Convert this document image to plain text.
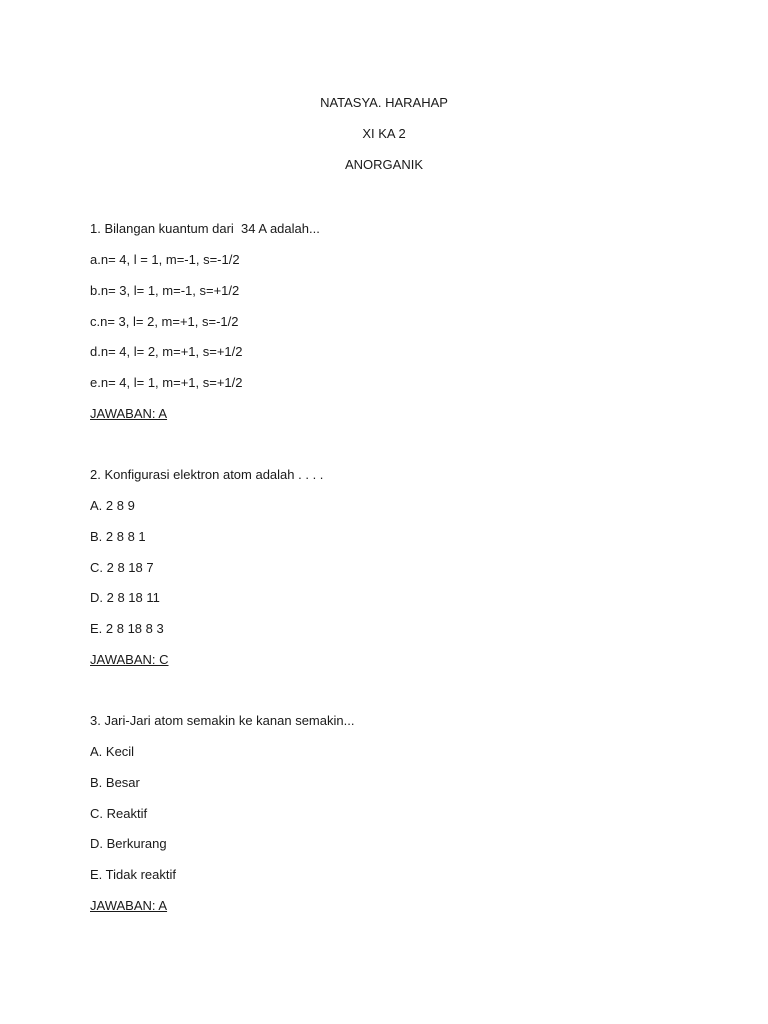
NATASYA. HARAHAP
XI KA 2
ANORGANIK
1. Bilangan kuantum dari  34 A adalah...
a.n= 4, l = 1, m=-1, s=-1/2
b.n= 3, l= 1, m=-1, s=+1/2
c.n= 3, l= 2, m=+1, s=-1/2
d.n= 4, l= 2, m=+1, s=+1/2
e.n= 4, l= 1, m=+1, s=+1/2
JAWABAN: A
2. Konfigurasi elektron atom adalah . . . .
A. 2 8 9
B. 2 8 8 1
C. 2 8 18 7
D. 2 8 18 11
E. 2 8 18 8 3
JAWABAN: C
3. Jari-Jari atom semakin ke kanan semakin...
A. Kecil
B. Besar
C. Reaktif
D. Berkurang
E. Tidak reaktif
JAWABAN: A
